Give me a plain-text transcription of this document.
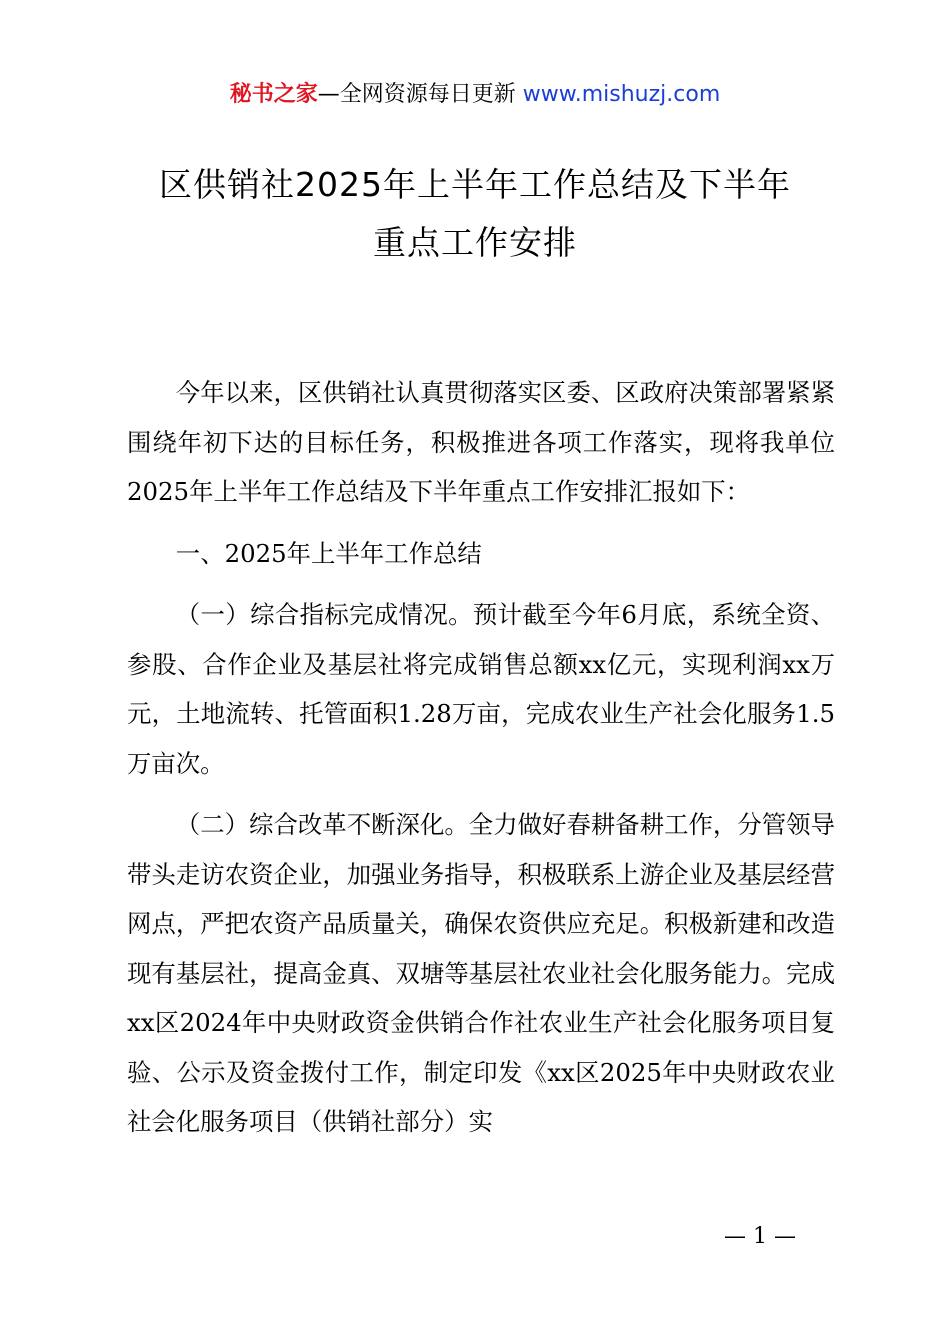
秘书之家—全网资源每日更新 www.mishuzj.com
区供销社2025年上半年工作总结及下半年
重点工作安排

今年以来，区供销社认真贯彻落实区委、区政府决策部署紧紧围绕年初下达的目标任务，积极推进各项工作落实，现将我单位2025年上半年工作总结及下半年重点工作安排汇报如下：

一、2025年上半年工作总结

（一）综合指标完成情况。预计截至今年6月底，系统全资、参股、合作企业及基层社将完成销售总额xx亿元，实现利润xx万元，土地流转、托管面积1.28万亩，完成农业生产社会化服务1.5万亩次。

（二）综合改革不断深化。全力做好春耕备耕工作，分管领导带头走访农资企业，加强业务指导，积极联系上游企业及基层经营网点，严把农资产品质量关，确保农资供应充足。积极新建和改造现有基层社，提高金真、双塘等基层社农业社会化服务能力。完成xx区2024年中央财政资金供销合作社农业生产社会化服务项目复验、公示及资金拨付工作，制定印发《xx区2025年中央财政农业社会化服务项目（供销社部分）实

— 1 —
